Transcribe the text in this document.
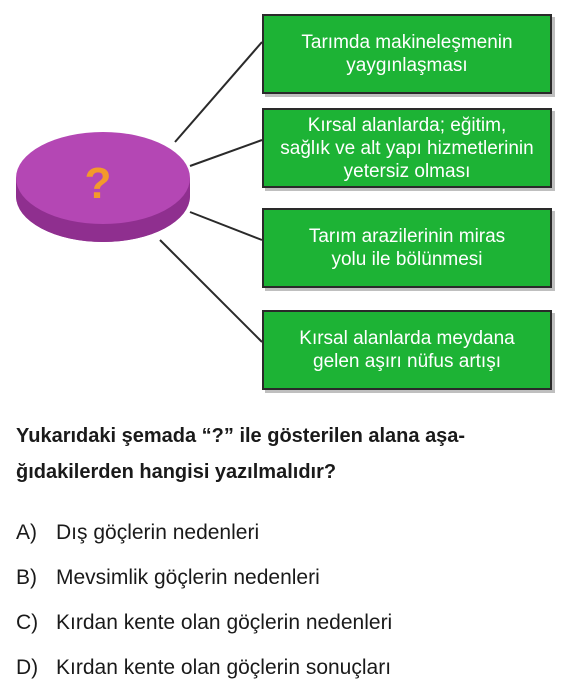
?
Tarımda makineleşmenin
yaygınlaşması
Kırsal alanlarda; eğitim,
sağlık ve alt yapı hizmetlerinin
yetersiz olması
Tarım arazilerinin miras
yolu ile bölünmesi
Kırsal alanlarda meydana
gelen aşırı nüfus artışı
Yukarıdaki şemada “?” ile gösterilen alana aşa-
ğıdakilerden hangisi yazılmalıdır?
A) Dış göçlerin nedenleri
B) Mevsimlik göçlerin nedenleri
C) Kırdan kente olan göçlerin nedenleri
D) Kırdan kente olan göçlerin sonuçları
